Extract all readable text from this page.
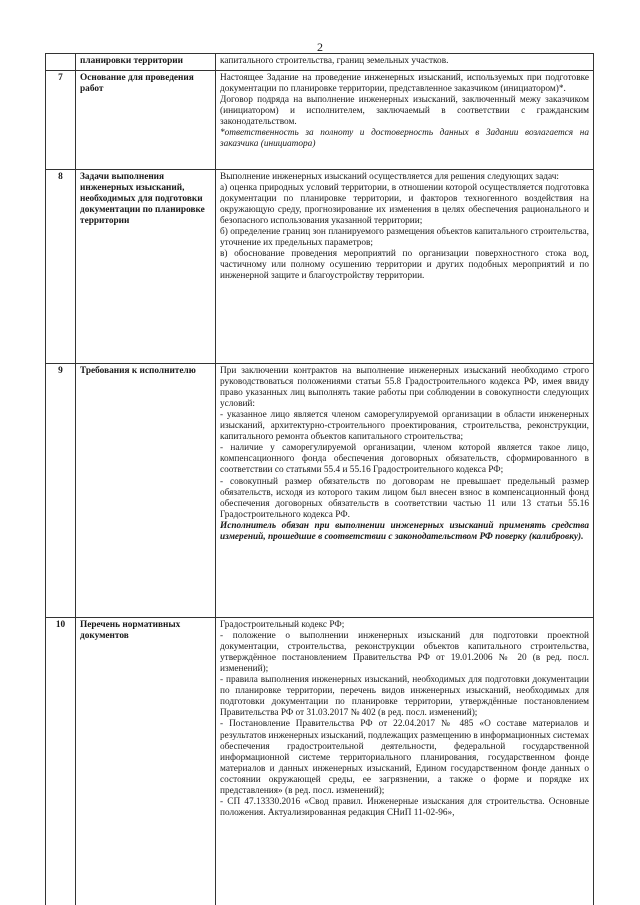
2
	планировки территории	капитального строительства, границ земельных участков.

7	Основание для проведения работ	Настоящее Задание на проведение инженерных изысканий, используемых при подготовке документации по планировке территории, представленное заказчиком (инициатором)*.

Договор подряда на выполнение инженерных изысканий, заключенный межу заказчиком (инициатором) и исполнителем, заключаемый в соответствии с гражданским законодательством.

*ответственность за полноту и достоверность данных в Задании возлагается на заказчика (инициатора)

8	Задачи выполнения инженерных изысканий, необходимых для подготовки документации по планировке территории	Выполнение инженерных изысканий осуществляется для решения следующих задач:

а) оценка природных условий территории, в отношении которой осуществляется подготовка документации по планировке территории, и факторов техногенного воздействия на окружающую среду, прогнозирование их изменения в целях обеспечения рационального и безопасного использования указанной территории;

б) определение границ зон планируемого размещения объектов капитального строительства, уточнение их предельных параметров;

в) обоснование проведения мероприятий по организации поверхностного стока вод, частичному или полному осушению территории и других подобных мероприятий и по инженерной защите и благоустройству территории.

9	Требования к исполнителю	При заключении контрактов на выполнение инженерных изысканий необходимо строго руководствоваться положениями статьи 55.8 Градостроительного кодекса РФ, имея ввиду право указанных лиц выполнять такие работы при соблюдении в совокупности следующих условий:

- указанное лицо является членом саморегулируемой организации в области инженерных изысканий, архитектурно-строительного проектирования, строительства, реконструкции, капитального ремонта объектов капитального строительства;

- наличие у саморегулируемой организации, членом которой является такое лицо, компенсационного фонда обеспечения договорных обязательств, сформированного в соответствии со статьями 55.4 и 55.16 Градостроительного кодекса РФ;

- совокупный размер обязательств по договорам не превышает предельный размер обязательств, исходя из которого таким лицом был внесен взнос в компенсационный фонд обеспечения договорных обязательств в соответствии частью 11 или 13 статьи 55.16 Градостроительного кодекса РФ.

Исполнитель обязан при выполнении инженерных изысканий применять средства измерений, прошедшие в соответствии с законодательством РФ поверку (калибровку).

10	Перечень нормативных документов	Градостроительный кодекс РФ;

- положение о выполнении инженерных изысканий для подготовки проектной документации, строительства, реконструкции объектов капитального строительства, утверждённое постановлением Правительства РФ от 19.01.2006 № 20 (в ред. посл. изменений);

- правила выполнения инженерных изысканий, необходимых для подготовки документации по планировке территории, перечень видов инженерных изысканий, необходимых для подготовки документации по планировке территории, утверждённые постановлением Правительства РФ от 31.03.2017 № 402 (в ред. посл. изменений);

- Постановление Правительства РФ от 22.04.2017 № 485 «О составе материалов и результатов инженерных изысканий, подлежащих размещению в информационных системах обеспечения градостроительной деятельности, федеральной государственной информационной системе территориального планирования, государственном фонде материалов и данных инженерных изысканий, Едином государственном фонде данных о состоянии окружающей среды, ее загрязнении, а также о форме и порядке их представления» (в ред. посл. изменений);

- СП 47.13330.2016 «Свод правил. Инженерные изыскания для строительства. Основные положения. Актуализированная редакция СНиП 11-02-96»,
